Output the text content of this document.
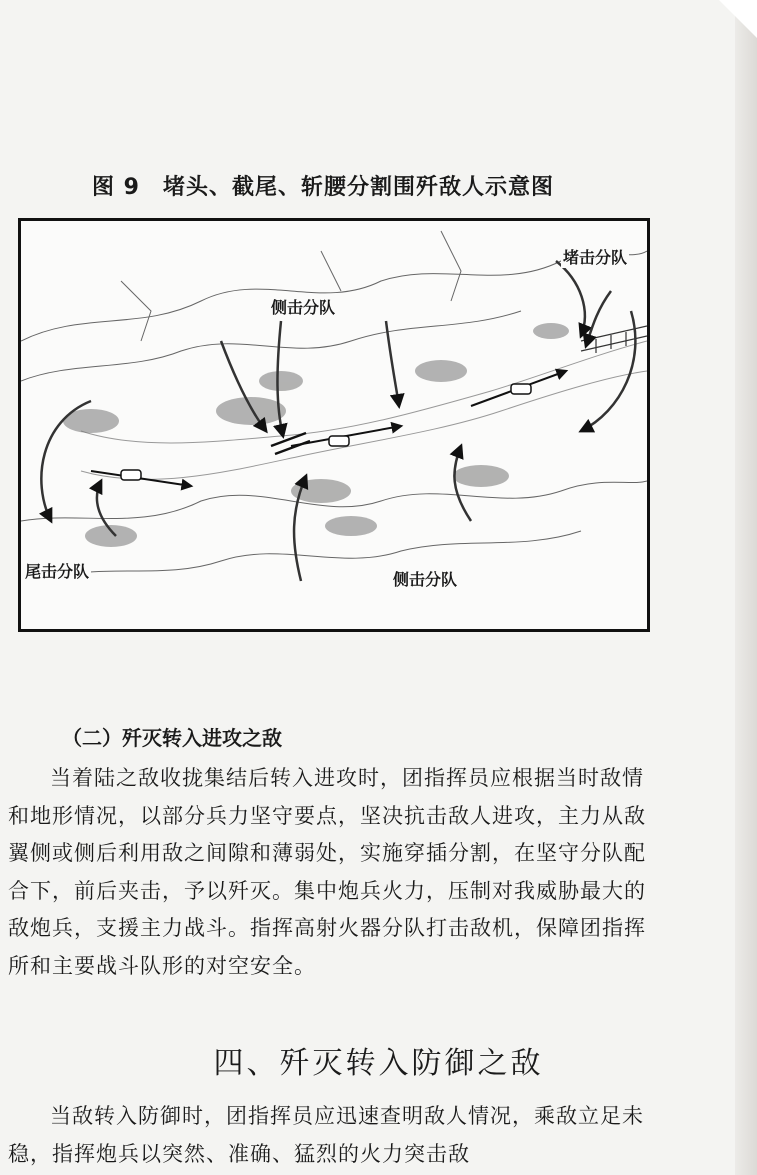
图 9　堵头、截尾、斩腰分割围歼敌人示意图
堵击分队
侧击分队
尾击分队	侧击分队
（二）歼灭转入进攻之敌

当着陆之敌收拢集结后转入进攻时，团指挥员应根据当时敌情和地形情况，以部分兵力坚守要点，坚决抗击敌人进攻，主力从敌翼侧或侧后利用敌之间隙和薄弱处，实施穿插分割，在坚守分队配合下，前后夹击，予以歼灭。集中炮兵火力，压制对我威胁最大的敌炮兵，支援主力战斗。指挥高射火器分队打击敌机，保障团指挥所和主要战斗队形的对空安全。

四、歼灭转入防御之敌

当敌转入防御时，团指挥员应迅速查明敌人情况，乘敌立足未稳，指挥炮兵以突然、准确、猛烈的火力突击敌
